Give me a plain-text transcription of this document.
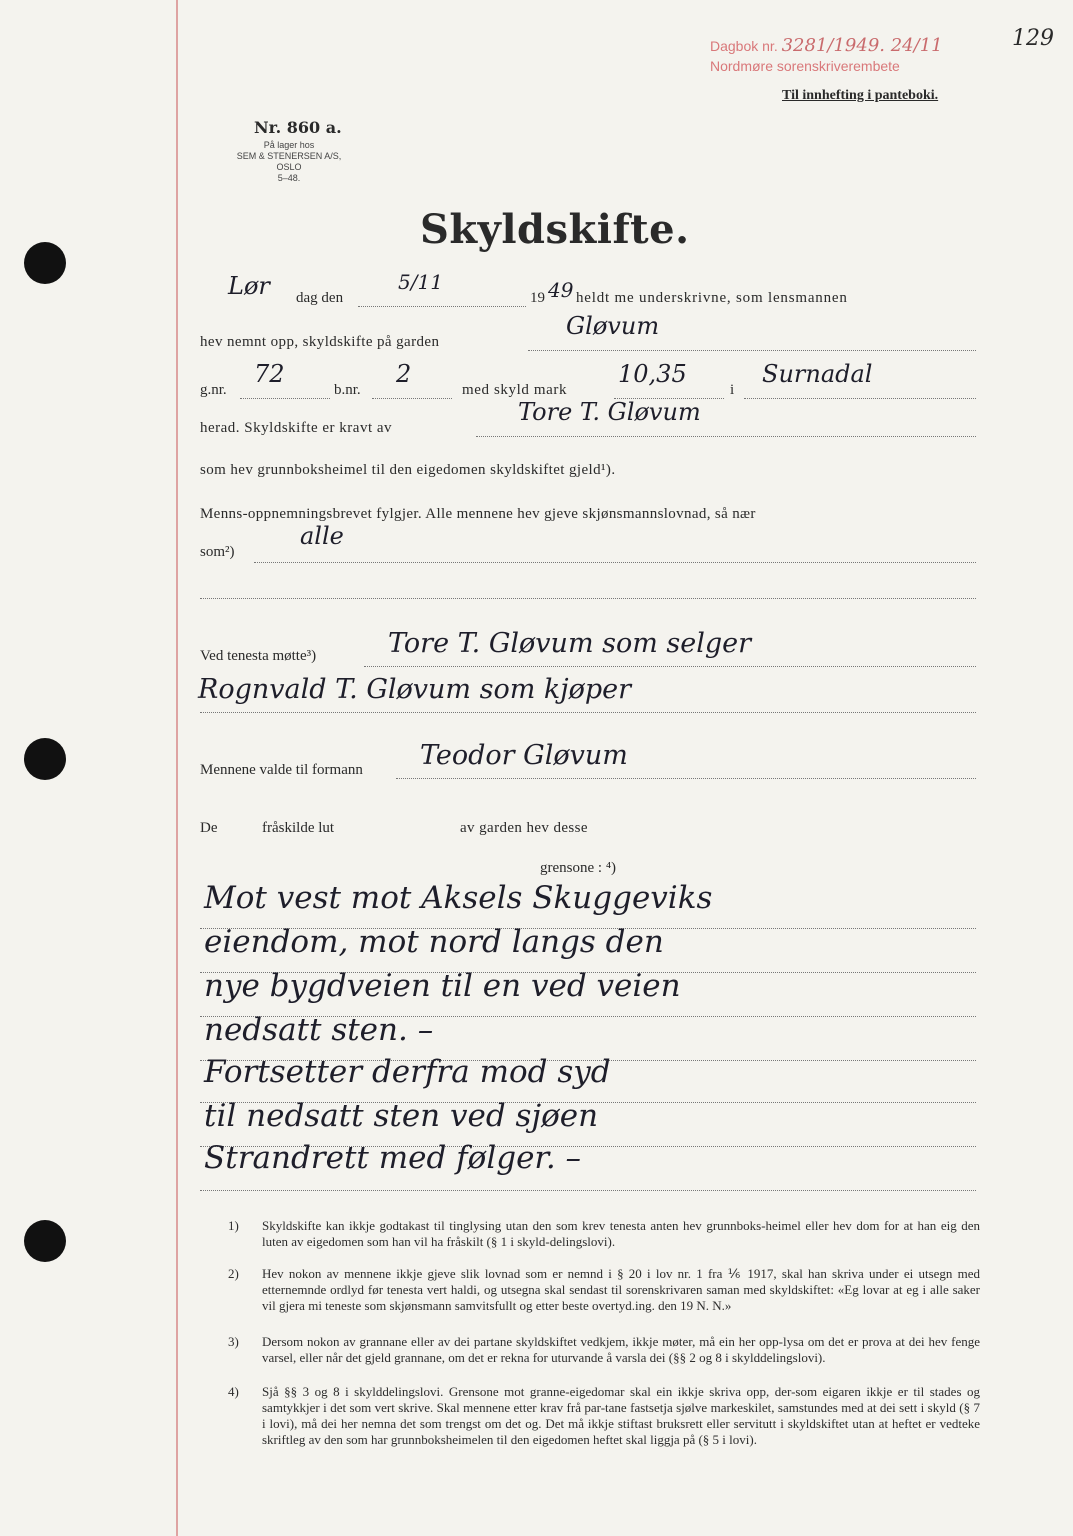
Dagbok nr. 3281/1949. 24/11
Nordmøre sorenskriverembete
129
Til innhefting i panteboki.
Nr. 860 a.
På lager hos
SEM & STENERSEN A/S, OSLO
5–48.
Skyldskifte.
Lør dag den
5/11
19 49 heldt me underskrivne, som lensmannen
hev nemnt opp, skyldskifte på garden
Gløvum
g.nr.
72
b.nr.
2
med skyld mark
10,35
i
Surnadal
herad. Skyldskifte er kravt av
Tore T. Gløvum
som hev grunnboksheimel til den eigedomen skyldskiftet gjeld¹).
Menns-oppnemningsbrevet fylgjer. Alle mennene hev gjeve skjønsmannslovnad, så nær
som²)
alle
Ved tenesta møtte³)	Tore T. Gløvum som selger
Rognvald T. Gløvum som kjøper
Mennene valde til formann Teodor Gløvum
De	fråskilde lut	av garden hev desse
grensone : ⁴)
Mot vest mot Aksels Skuggeviks
eiendom, mot nord langs den
nye bygdveien til en ved veien
nedsatt sten. –
Fortsetter derfra mod syd
til nedsatt sten ved sjøen
Strandrett med følger. –
1) Skyldskifte kan ikkje godtakast til tinglysing utan den som krev tenesta anten hev grunnboks-heimel eller hev dom for at han eig den luten av eigedomen som han vil ha fråskilt (§ 1 i skyld-delingslovi).
2) Hev nokon av mennene ikkje gjeve slik lovnad som er nemnd i § 20 i lov nr. 1 fra ⅙ 1917, skal han skriva under ei utsegn med etternemnde ordlyd før tenesta vert haldi, og utsegna skal sendast til sorenskrivaren saman med skyldskiftet: «Eg lovar at eg i alle saker vil gjera mi teneste som skjønsmann samvitsfullt og etter beste overtyd.ing. den 19 N. N.»
3) Dersom nokon av grannane eller av dei partane skyldskiftet vedkjem, ikkje møter, må ein her opp-lysa om det er prova at dei hev fenge varsel, eller når det gjeld grannane, om det er rekna for uturvande å varsla dei (§§ 2 og 8 i skylddelingslovi).
4) Sjå §§ 3 og 8 i skylddelingslovi. Grensone mot granne-eigedomar skal ein ikkje skriva opp, der-som eigaren ikkje er til stades og samtykkjer i det som vert skrive. Skal mennene etter krav frå par-tane fastsetja sjølve markeskilet, samstundes med at dei sett i skyld (§ 7 i lovi), må dei her nemna det som trengst om det og. Det må ikkje stiftast bruksrett eller servitutt i skyldskiftet utan at heftet er vedteke skriftleg av den som har grunnboksheimelen til den eigedomen heftet skal liggja på (§ 5 i lovi).
